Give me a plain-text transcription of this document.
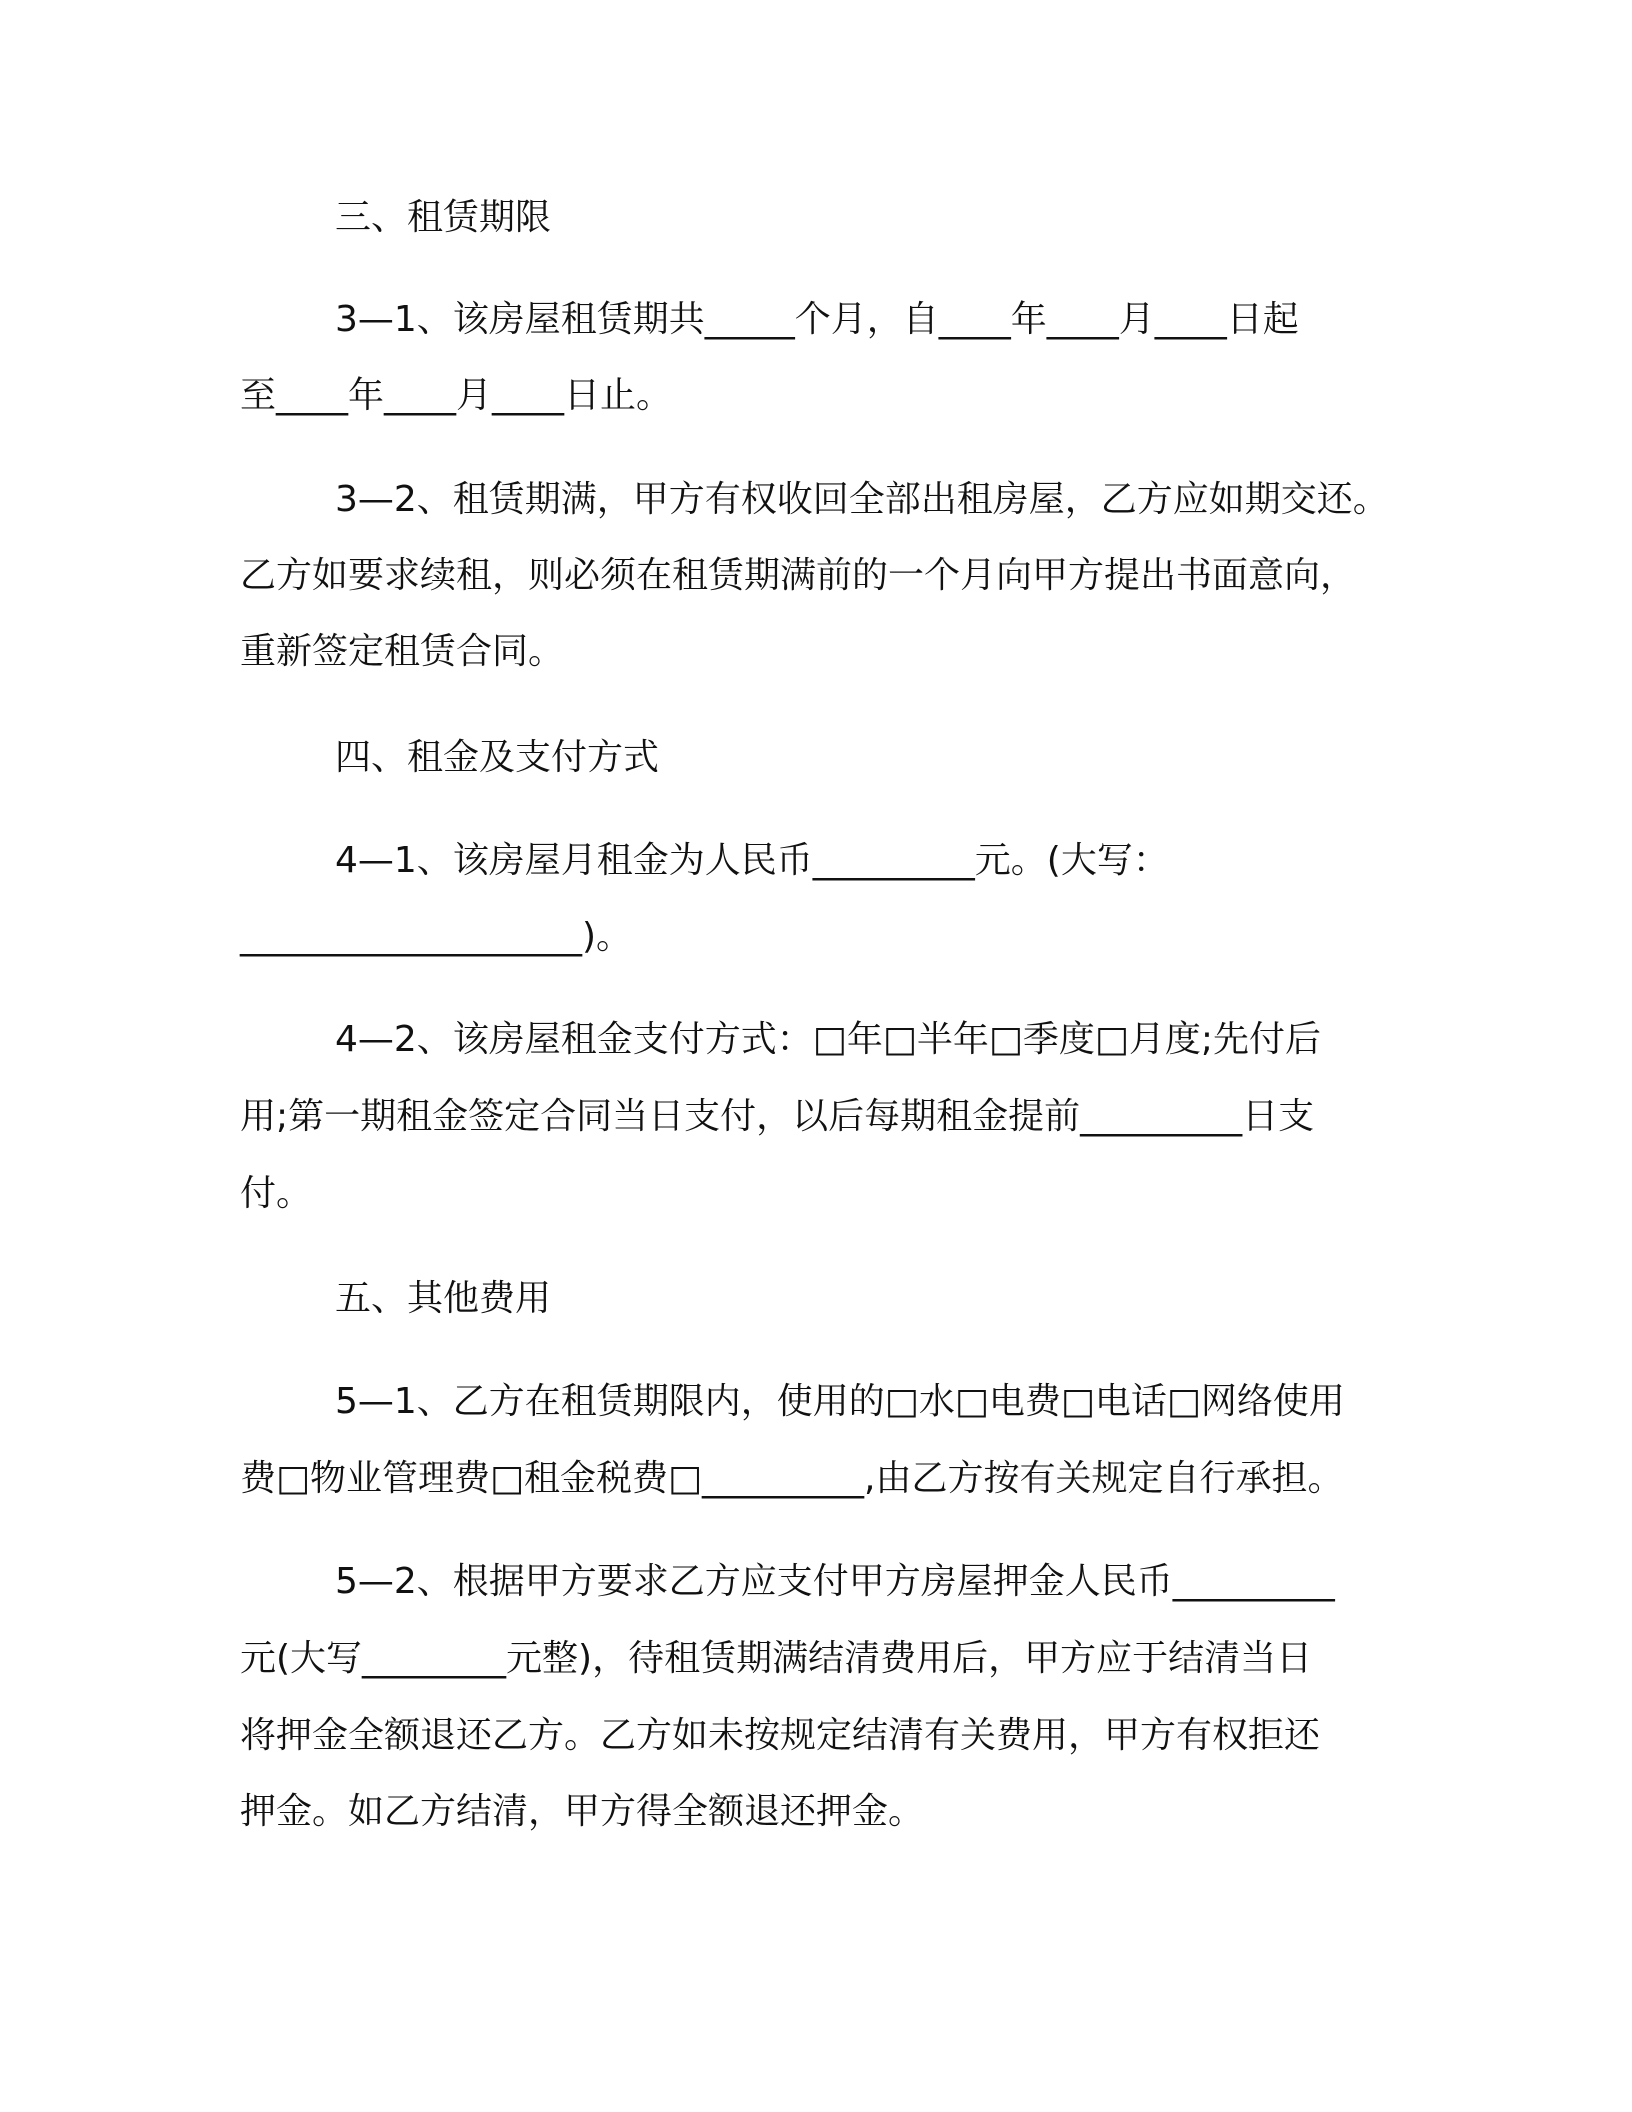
三、租赁期限

3—1、该房屋租赁期共_____个月，自____年____月____日起

至____年____月____日止。

3—2、租赁期满，甲方有权收回全部出租房屋，乙方应如期交还。

乙方如要求续租，则必须在租赁期满前的一个月向甲方提出书面意向，

重新签定租赁合同。

四、租金及支付方式

4—1、该房屋月租金为人民币_________元。(大写：

___________________)。

4—2、该房屋租金支付方式：□年□半年□季度□月度;先付后

用;第一期租金签定合同当日支付，以后每期租金提前_________日支

付。

五、其他费用

5—1、乙方在租赁期限内，使用的□水□电费□电话□网络使用

费□物业管理费□租金税费□_________,由乙方按有关规定自行承担。

5—2、根据甲方要求乙方应支付甲方房屋押金人民币_________

元(大写________元整)，待租赁期满结清费用后，甲方应于结清当日

将押金全额退还乙方。乙方如未按规定结清有关费用，甲方有权拒还

押金。如乙方结清，甲方得全额退还押金。
